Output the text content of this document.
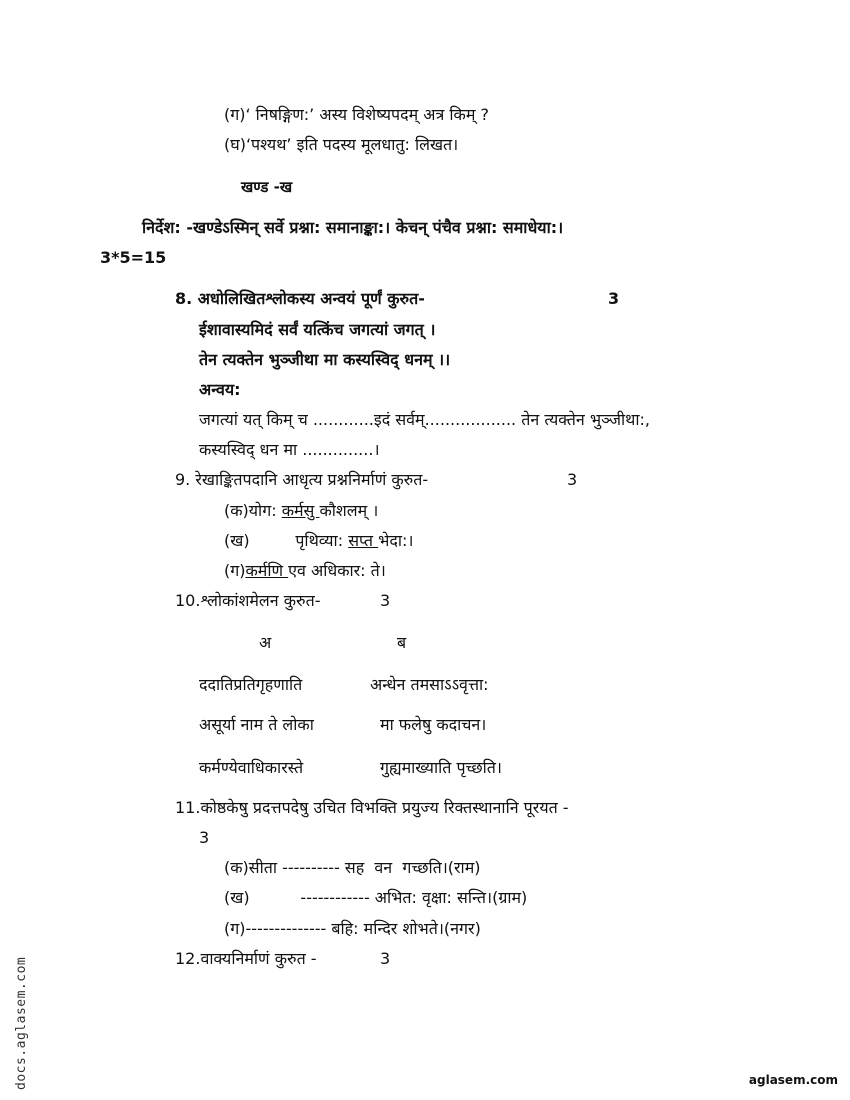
(ग)‘ निषङ्गिण:’ अस्य विशेष्यपदम् अत्र किम् ?
(घ)‘पश्यथ’ इति पदस्य मूलधातु: लिखत।
खण्ड -ख
निर्देश: -खण्डेऽस्मिन् सर्वे प्रश्ना: समानाङ्का:। केचन् पंचैव प्रश्ना: समाधेया:।
3*5=15
8. अधोलिखितश्लोकस्य अन्वयं पूर्णं कुरुत-	3
ईशावास्यमिदं सर्वं यत्किंच जगत्यां जगत् ।
तेन त्यक्तेन भुञ्जीथा मा कस्यस्विद् धनम् ।।
अन्वय:
जगत्यां यत् किम् च ............इदं सर्वम्.................. तेन त्यक्तेन भुञ्जीथा:,
कस्यस्विद् धन मा ..............।
9. रेखाङ्कितपदानि आधृत्य प्रश्ननिर्माणं कुरुत-	3
(क)योग: कर्मसु कौशलम् ।
(ख)         पृथिव्या: सप्त भेदा:।
(ग)कर्मणि एव अधिकार: ते।
10.श्लोकांशमेलन कुरुत-	3
अ	ब
ददातिप्रतिगृहणाति	अन्धेन तमसाऽऽवृत्ता:
असूर्या नाम ते लोका	मा फलेषु कदाचन।
कर्मण्येवाधिकारस्ते	गुह्यमाख्याति पृच्छति।
11.कोष्ठकेषु प्रदत्तपदेषु उचित विभक्ति प्रयुज्य रिक्तस्थानानि पूरयत -
3
(क)सीता ---------- सह  वन  गच्छति।(राम)
(ख)          ------------ अभित: वृक्षा: सन्ति।(ग्राम)
(ग)-------------- बहि: मन्दिर शोभते।(नगर)
12.वाक्यनिर्माणं कुरुत -	3
docs.aglasem.com	aglasem.com
